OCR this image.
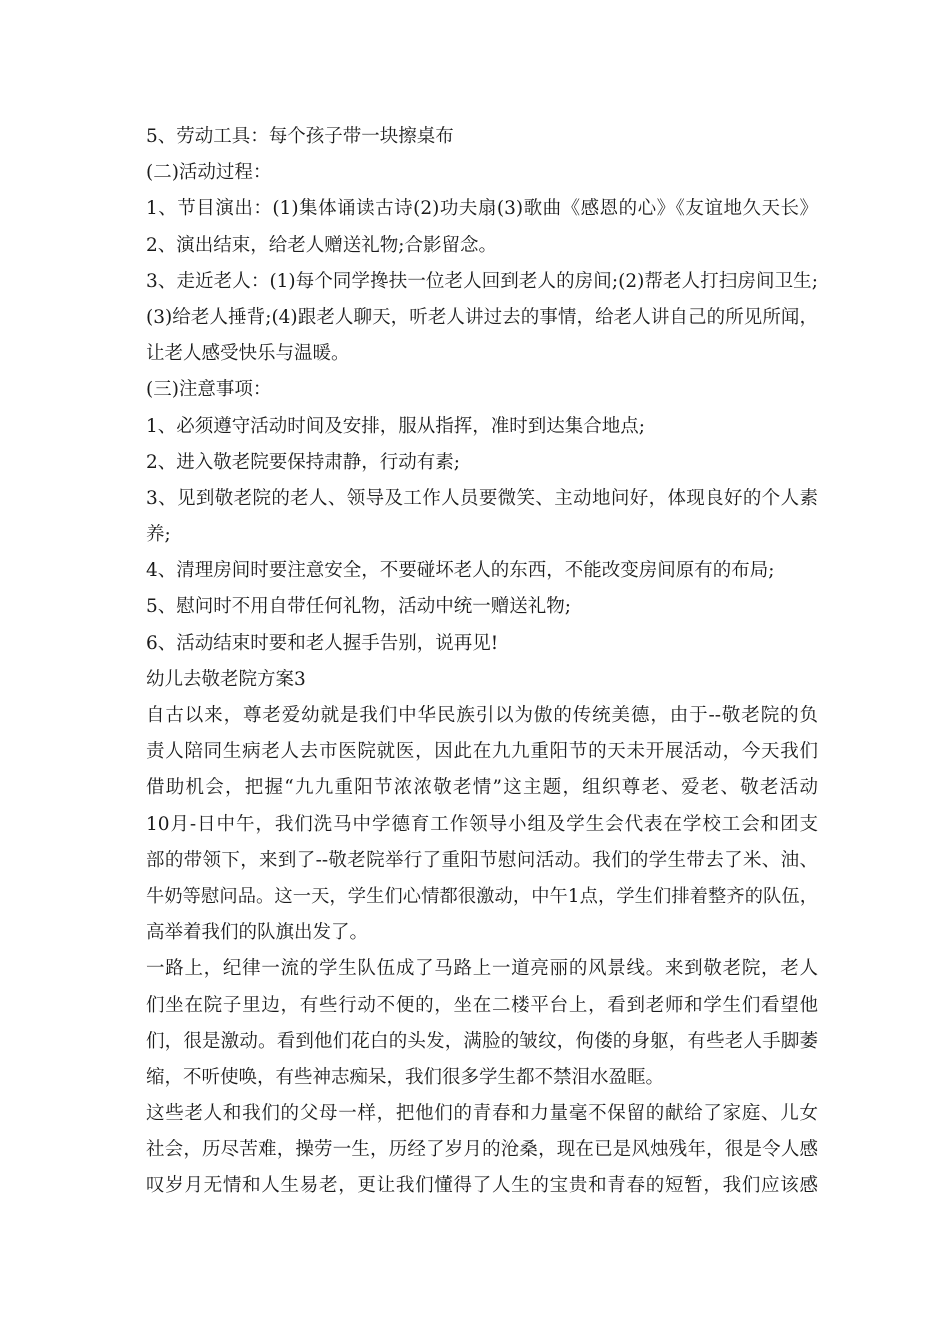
5、劳动工具：每个孩子带一块擦桌布
(二)活动过程：
1、节目演出：(1)集体诵读古诗(2)功夫扇(3)歌曲《感恩的心》《友谊地久天长》
2、演出结束，给老人赠送礼物;合影留念。
3、走近老人：(1)每个同学搀扶一位老人回到老人的房间;(2)帮老人打扫房间卫生;
(3)给老人捶背;(4)跟老人聊天，听老人讲过去的事情，给老人讲自己的所见所闻，
让老人感受快乐与温暖。
(三)注意事项：
1、必须遵守活动时间及安排，服从指挥，准时到达集合地点;
2、进入敬老院要保持肃静，行动有素;
3、见到敬老院的老人、领导及工作人员要微笑、主动地问好，体现良好的个人素
养;
4、清理房间时要注意安全，不要碰坏老人的东西，不能改变房间原有的布局;
5、慰问时不用自带任何礼物，活动中统一赠送礼物;
6、活动结束时要和老人握手告别，说再见!
幼儿去敬老院方案3
自古以来，尊老爱幼就是我们中华民族引以为傲的传统美德，由于--敬老院的负
责人陪同生病老人去市医院就医，因此在九九重阳节的天未开展活动，今天我们
借助机会，把握“九九重阳节浓浓敬老情”这主题，组织尊老、爱老、敬老活动
10月-日中午，我们洗马中学德育工作领导小组及学生会代表在学校工会和团支
部的带领下，来到了--敬老院举行了重阳节慰问活动。我们的学生带去了米、油、
牛奶等慰问品。这一天，学生们心情都很激动，中午1点，学生们排着整齐的队伍，
高举着我们的队旗出发了。
一路上，纪律一流的学生队伍成了马路上一道亮丽的风景线。来到敬老院，老人
们坐在院子里边，有些行动不便的，坐在二楼平台上，看到老师和学生们看望他
们，很是激动。看到他们花白的头发，满脸的皱纹，佝偻的身躯，有些老人手脚萎
缩，不听使唤，有些神志痴呆，我们很多学生都不禁泪水盈眶。
这些老人和我们的父母一样，把他们的青春和力量毫不保留的献给了家庭、儿女
社会，历尽苦难，操劳一生，历经了岁月的沧桑，现在已是风烛残年，很是令人感
叹岁月无情和人生易老，更让我们懂得了人生的宝贵和青春的短暂，我们应该感
